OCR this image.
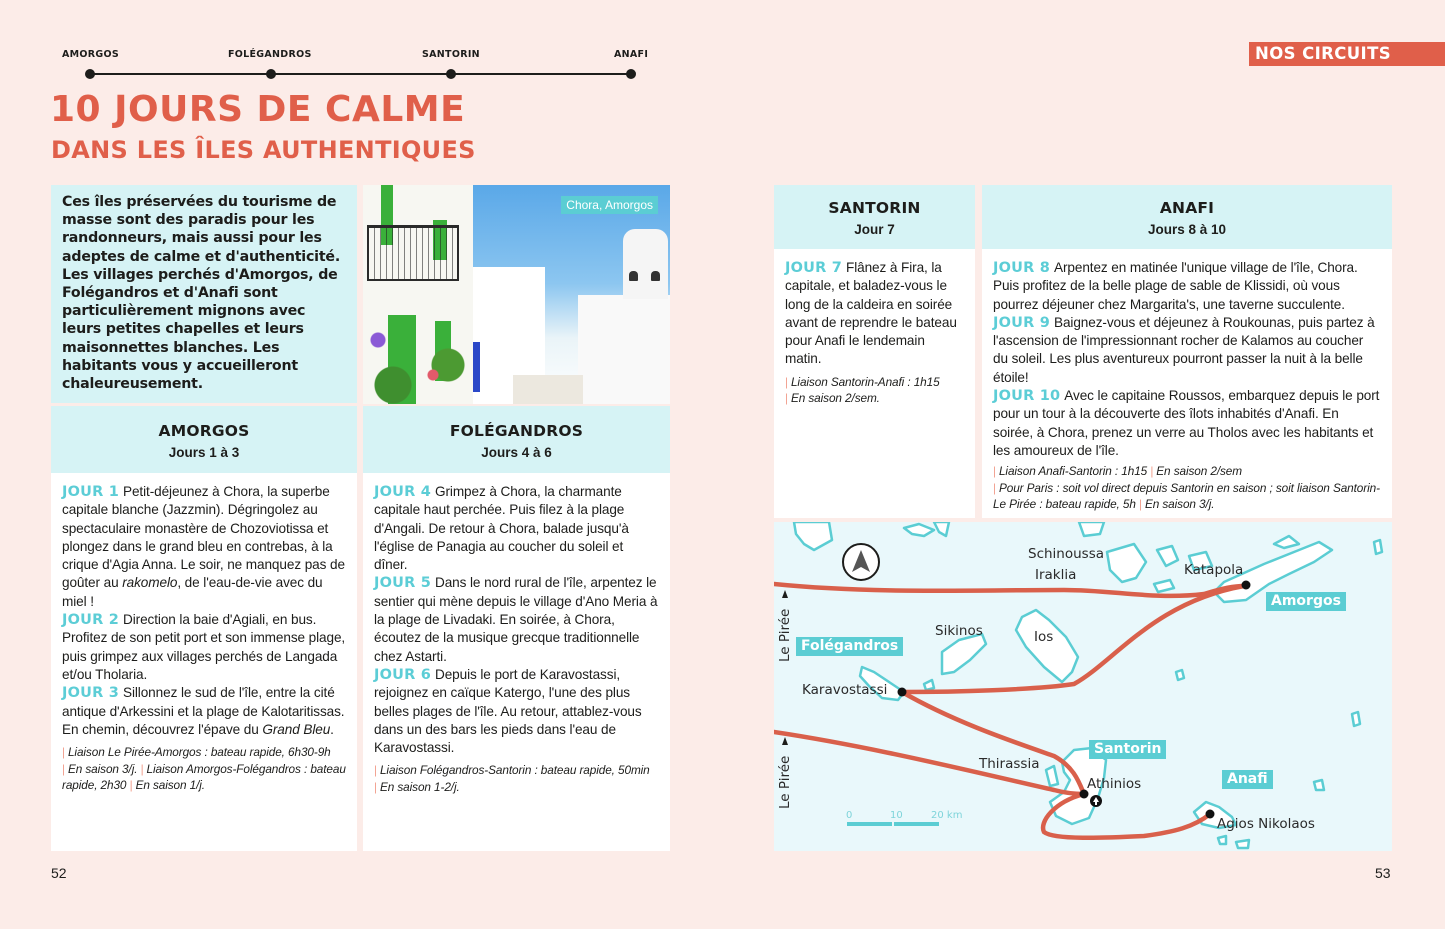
AMORGOS	FOLÉGANDROS	SANTORIN	ANAFI
10 JOURS DE CALME
DANS LES ÎLES AUTHENTIQUES

Ces îles préservées du tourisme de masse sont des paradis pour les randonneurs, mais aussi pour les adeptes de calme et d'authenticité. Les villages perchés d'Amorgos, de Folégandros et d'Anafi sont particulièrement mignons avec leurs petites chapelles et leurs maisonnettes blanches. Les habitants vous y accueilleront chaleureusement.

Chora, Amorgos
AMORGOS
Jours 1 à 3

JOUR 1 Petit-déjeunez à Chora, la superbe capitale blanche (Jazzmin). Dégringolez au spectaculaire monastère de Chozoviotissa et plongez dans le grand bleu en contrebas, à la crique d'Agia Anna. Le soir, ne manquez pas de goûter au rakomelo, de l'eau-de-vie avec du miel !

JOUR 2 Direction la baie d'Agiali, en bus. Profitez de son petit port et son immense plage, puis grimpez aux villages perchés de Langada et/ou Tholaria.

JOUR 3 Sillonnez le sud de l'île, entre la cité antique d'Arkessini et la plage de Kalotaritissas. En chemin, découvrez l'épave du Grand Bleu.

| Liaison Le Pirée-Amorgos : bateau rapide, 6h30-9h | En saison 3/j. | Liaison Amorgos-Folégandros : bateau rapide, 2h30 | En saison 1/j.

FOLÉGANDROS
Jours 4 à 6

JOUR 4 Grimpez à Chora, la charmante capitale haut perchée. Puis filez à la plage d'Angali. De retour à Chora, balade jusqu'à l'église de Panagia au coucher du soleil et dîner.

JOUR 5 Dans le nord rural de l'île, arpentez le sentier qui mène depuis le village d'Ano Meria à la plage de Livadaki. En soirée, à Chora, écoutez de la musique grecque traditionnelle chez Astarti.

JOUR 6 Depuis le port de Karavostassi, rejoignez en caïque Katergo, l'une des plus belles plages de l'île. Au retour, attablez-vous dans un des bars les pieds dans l'eau de Karavostassi.

| Liaison Folégandros-Santorin : bateau rapide, 50min | En saison 1-2/j.

52
NOS CIRCUITS
SANTORIN
Jour 7

JOUR 7 Flânez à Fira, la capitale, et baladez-vous le long de la caldeira en soirée avant de reprendre le bateau pour Anafi le lendemain matin.

| Liaison Santorin-Anafi : 1h15
| En saison 2/sem.

ANAFI
Jours 8 à 10

JOUR 8 Arpentez en matinée l'unique village de l'île, Chora. Puis profitez de la belle plage de sable de Klissidi, où vous pourrez déjeuner chez Margarita's, une taverne succulente.

JOUR 9 Baignez-vous et déjeunez à Roukounas, puis partez à l'ascension de l'impressionnant rocher de Kalamos au coucher du soleil. Les plus aventureux pourront passer la nuit à la belle étoile!

JOUR 10 Avec le capitaine Roussos, embarquez depuis le port pour un tour à la découverte des îlots inhabités d'Anafi. En soirée, à Chora, prenez un verre au Tholos avec les habitants et les amoureux de l'île.

| Liaison Anafi-Santorin : 1h15 | En saison 2/sem
| Pour Paris : soit vol direct depuis Santorin en saison ; soit liaison Santorin-Le Pirée : bateau rapide, 5h | En saison 3/j.

Schinoussa
Iraklia	Katapola
Sikinos	Ios
Karavostassi
Thirassia
Athinios
Agios Nikolaos
Le Pirée
Le Pirée
Amorgos
Folégandros
Santorin
Anafi
0	10	20 km
53
